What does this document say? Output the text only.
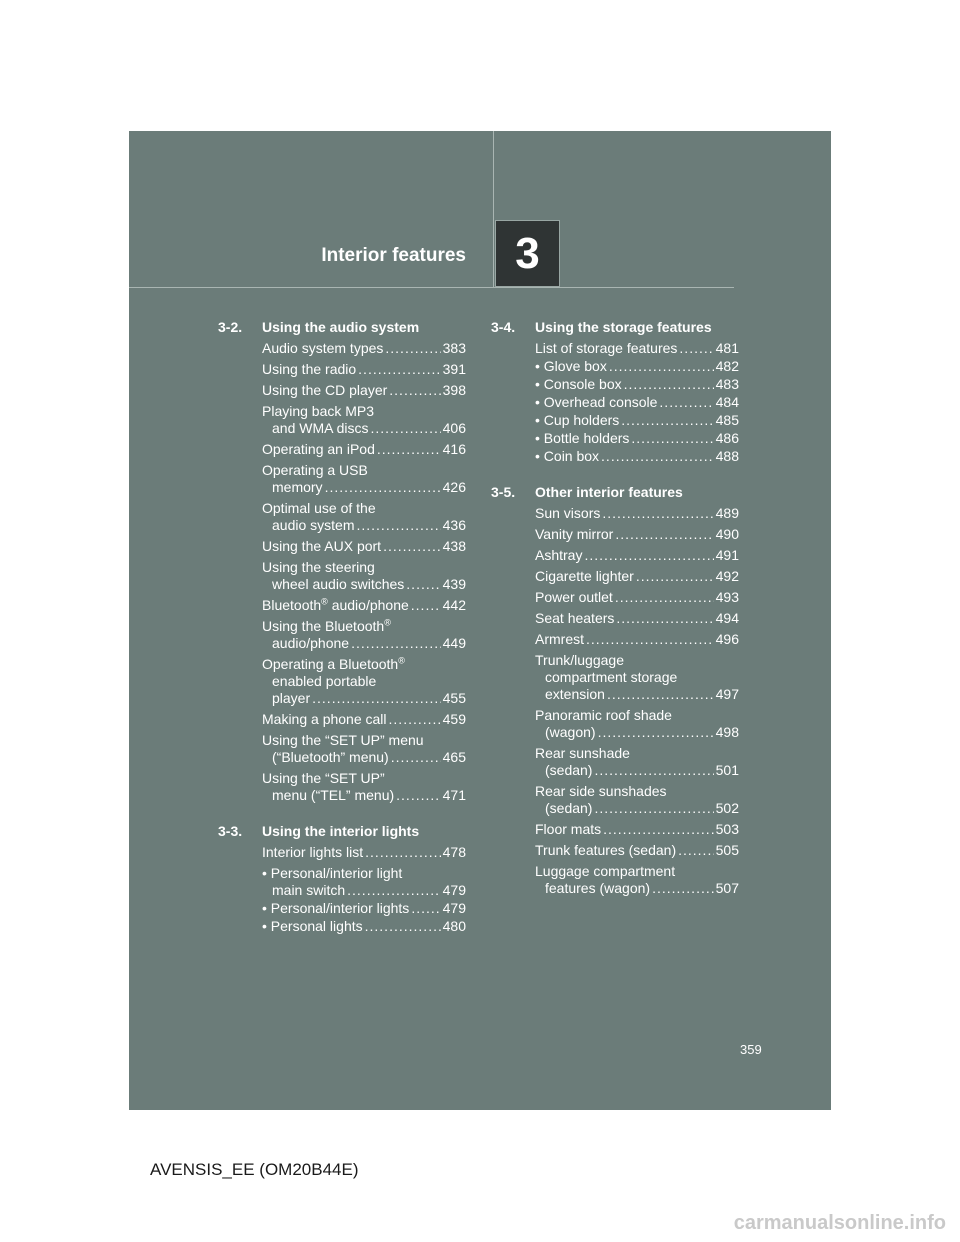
Interior features 3
3-2. Using the audio system
Audio system types .....	383
Using the radio .....	391
Using the CD player .....	398
Playing back MP3
and WMA discs .....	406
Operating an iPod .....	416
Operating a USB
memory .....	426
Optimal use of the
audio system .....	436
Using the AUX port .....	438
Using the steering
wheel audio switches .....	439
Bluetooth® audio/phone ..... 442
Using the Bluetooth®
audio/phone .....	449
Operating a Bluetooth®
enabled portable
player .....	455
Making a phone call .....	459
Using the “SET UP” menu
(“Bluetooth” menu) .....	465
Using the “SET UP”
menu (“TEL” menu) .....	471
3-3. Using the interior lights
Interior lights list .....	478
• Personal/interior light
main switch .....	479
• Personal/interior lights ..... 479
• Personal lights .....	480
3-4. Using the storage features
List of storage features .....	481
• Glove box .....	482
• Console box .....	483
• Overhead console .....	484
• Cup holders .....	485
• Bottle holders .....	486
• Coin box .....	488
3-5. Other interior features
Sun visors .....	489
Vanity mirror .....	490
Ashtray .....	491
Cigarette lighter .....	492
Power outlet .....	493
Seat heaters .....	494
Armrest .....	496
Trunk/luggage
compartment storage
extension .....	497
Panoramic roof shade
(wagon) .....	498
Rear sunshade
(sedan) .....	501
Rear side sunshades
(sedan) .....	502
Floor mats .....	503
Trunk features (sedan) .....	505
Luggage compartment
features (wagon) .....	507
359
AVENSIS_EE (OM20B44E)
carmanualsonline.info
